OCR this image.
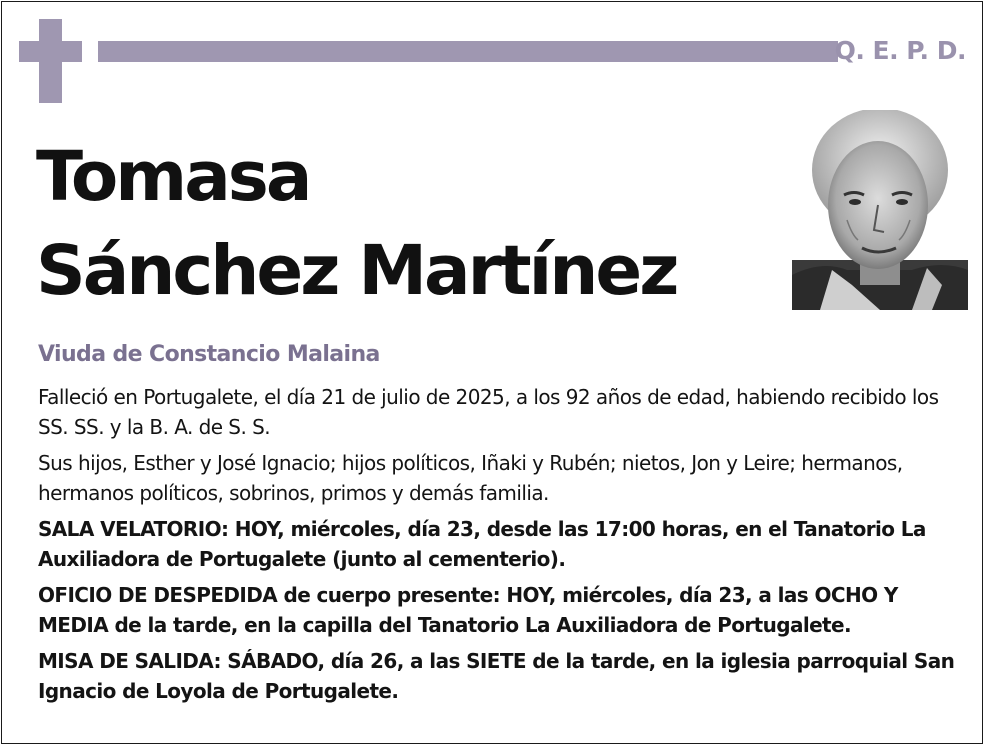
Q. E. P. D.
Tomasa
Sánchez Martínez
Viuda de Constancio Malaina

Falleció en Portugalete, el día 21 de julio de 2025, a los 92 años de edad, habiendo recibido los SS. SS. y la B. A. de S. S.

Sus hijos, Esther y José Ignacio; hijos políticos, Iñaki y Rubén; nietos, Jon y Leire; hermanos, hermanos políticos, sobrinos, primos y demás familia.

SALA VELATORIO: HOY, miércoles, día 23, desde las 17:00 horas, en el Tanatorio La Auxiliadora de Portugalete (junto al cementerio).

OFICIO DE DESPEDIDA de cuerpo presente: HOY, miércoles, día 23, a las OCHO Y MEDIA de la tarde, en la capilla del Tanatorio La Auxiliadora de Portugalete.

MISA DE SALIDA: SÁBADO, día 26, a las SIETE de la tarde, en la iglesia parroquial San Ignacio de Loyola de Portugalete.
